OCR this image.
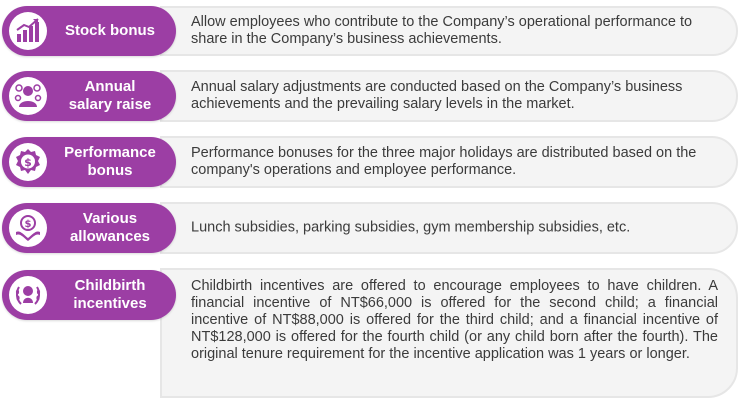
Allow employees who contribute to the Company’s operational performance to share in the Company’s business achievements.
Stock bonus
Annual salary adjustments are conducted based on the Company’s business achievements and the prevailing salary levels in the market.
Annual
salary raise
Performance bonuses for the three major holidays are distributed based on the company's operations and employee performance.
$
Performance
bonus
Lunch subsidies, parking subsidies, gym membership subsidies, etc.
$	Various
allowances
Childbirth incentives are offered to encourage employees to have children. A financial incentive of NT$66,000 is offered for the second child; a financial incentive of NT$88,000 is offered for the third child; and a financial incentive of NT$128,000 is offered for the fourth child (or any child born after the fourth). The original tenure requirement for the incentive application was 1 years or longer.
Childbirth
incentives
